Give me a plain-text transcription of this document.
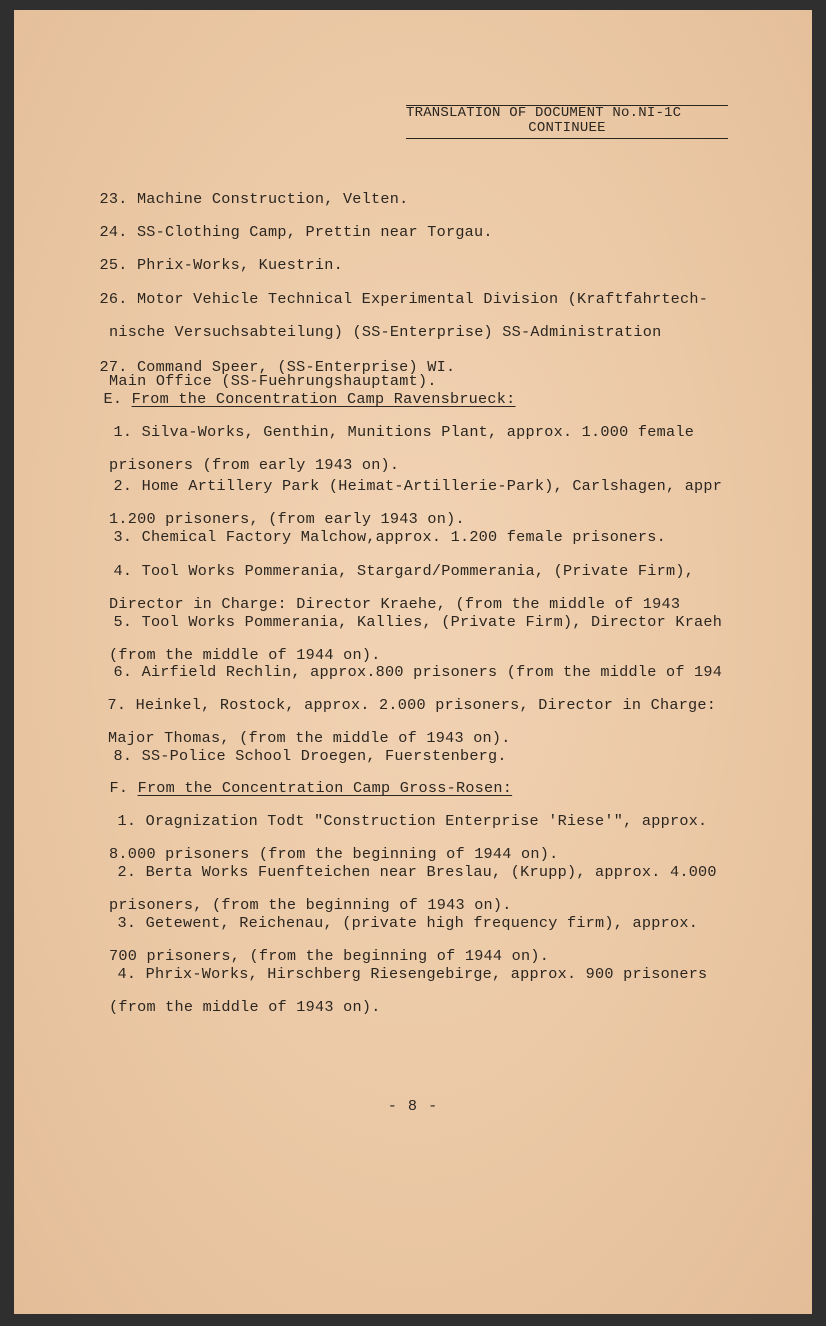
TRANSLATION OF DOCUMENT No.NI-1C
CONTINUEE

23. Machine Construction, Velten.

24. SS-Clothing Camp, Prettin near Torgau.

25. Phrix-Works, Kuestrin.

26. Motor Vehicle Technical Experimental Division (Kraftfahrtech-

nische Versuchsabteilung) (SS-Enterprise) SS-Administration

Main Office (SS-Fuehrungshauptamt).

27. Command Speer, (SS-Enterprise) WI.

E. From the Concentration Camp Ravensbrueck:

1. Silva-Works, Genthin, Munitions Plant, approx. 1.000 female

prisoners (from early 1943 on).

2. Home Artillery Park (Heimat-Artillerie-Park), Carlshagen, appr

1.200 prisoners, (from early 1943 on).

3. Chemical Factory Malchow,approx. 1.200 female prisoners.

4. Tool Works Pommerania, Stargard/Pommerania, (Private Firm),

Director in Charge: Director Kraehe, (from the middle of 1943

5. Tool Works Pommerania, Kallies, (Private Firm), Director Kraeh

(from the middle of 1944 on).

6. Airfield Rechlin, approx.800 prisoners (from the middle of 194

7. Heinkel, Rostock, approx. 2.000 prisoners, Director in Charge:

Major Thomas, (from the middle of 1943 on).

8. SS-Police School Droegen, Fuerstenberg.

F. From the Concentration Camp Gross-Rosen:

1. Oragnization Todt "Construction Enterprise 'Riese'", approx.

8.000 prisoners (from the beginning of 1944 on).

2. Berta Works Fuenfteichen near Breslau, (Krupp), approx. 4.000

prisoners, (from the beginning of 1943 on).

3. Getewent, Reichenau, (private high frequency firm), approx.

700 prisoners, (from the beginning of 1944 on).

4. Phrix-Works, Hirschberg Riesengebirge, approx. 900 prisoners

(from the middle of 1943 on).

- 8 -
